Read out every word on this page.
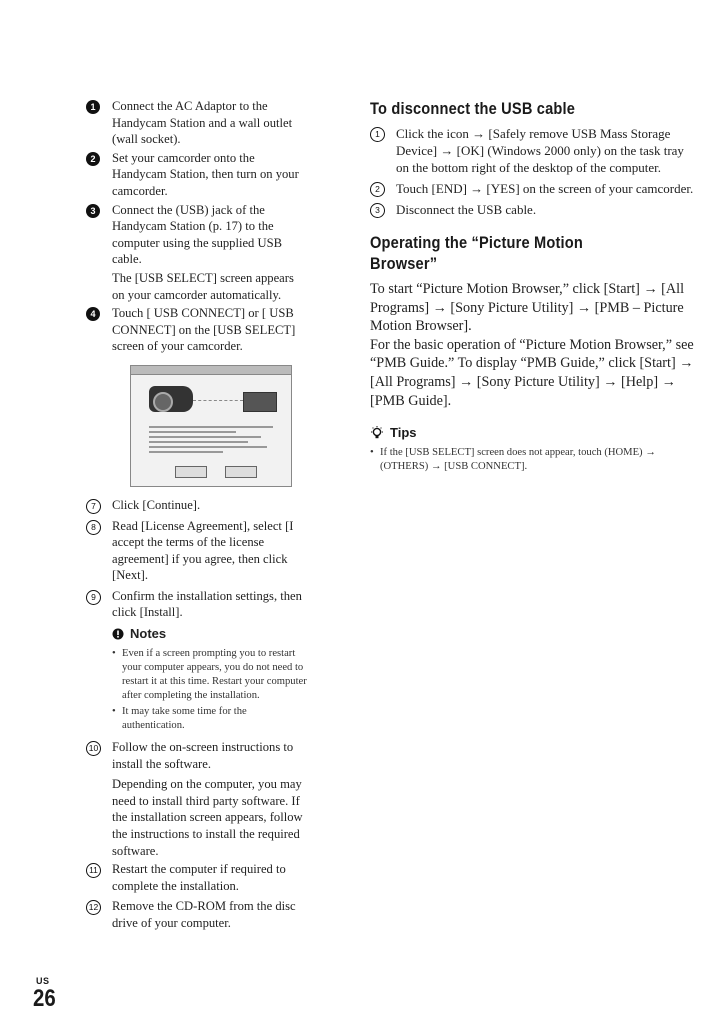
1	Connect the AC Adaptor to the Handycam Station and a wall outlet (wall socket).
2	Set your camcorder onto the Handycam Station, then turn on your camcorder.
3	Connect the (USB) jack of the Handycam Station (p. 17) to the computer using the supplied USB cable.
The [USB SELECT] screen appears on your camcorder automatically.
4	Touch [ USB CONNECT] or [ USB CONNECT] on the [USB SELECT] screen of your camcorder.
7	Click [Continue].
8	Read [License Agreement], select [I accept the terms of the license agreement] if you agree, then click [Next].
9	Confirm the installation settings, then click [Install].
Notes
• Even if a screen prompting you to restart your computer appears, you do not need to restart it at this time. Restart your computer after completing the installation.
• It may take some time for the authentication.
10 Follow the on-screen instructions to install the software.
Depending on the computer, you may need to install third party software. If the installation screen appears, follow the instructions to install the required software.
11 Restart the computer if required to complete the installation.
12 Remove the CD-ROM from the disc drive of your computer.
To disconnect the USB cable
1	Click the icon → [Safely remove USB Mass Storage Device] → [OK] (Windows 2000 only) on the task tray on the bottom right of the desktop of the computer.
2	Touch [END] → [YES] on the screen of your camcorder.
3	Disconnect the USB cable.
Operating the “Picture Motion
Browser”
To start “Picture Motion Browser,” click [Start] → [All Programs] → [Sony Picture Utility] → [PMB – Picture Motion Browser].
For the basic operation of “Picture Motion Browser,” see “PMB Guide.” To display “PMB Guide,” click [Start] → [All Programs] → [Sony Picture Utility] → [Help] → [PMB Guide].
Tips
• If the [USB SELECT] screen does not appear, touch (HOME) → (OTHERS) → [USB CONNECT].
US
26
